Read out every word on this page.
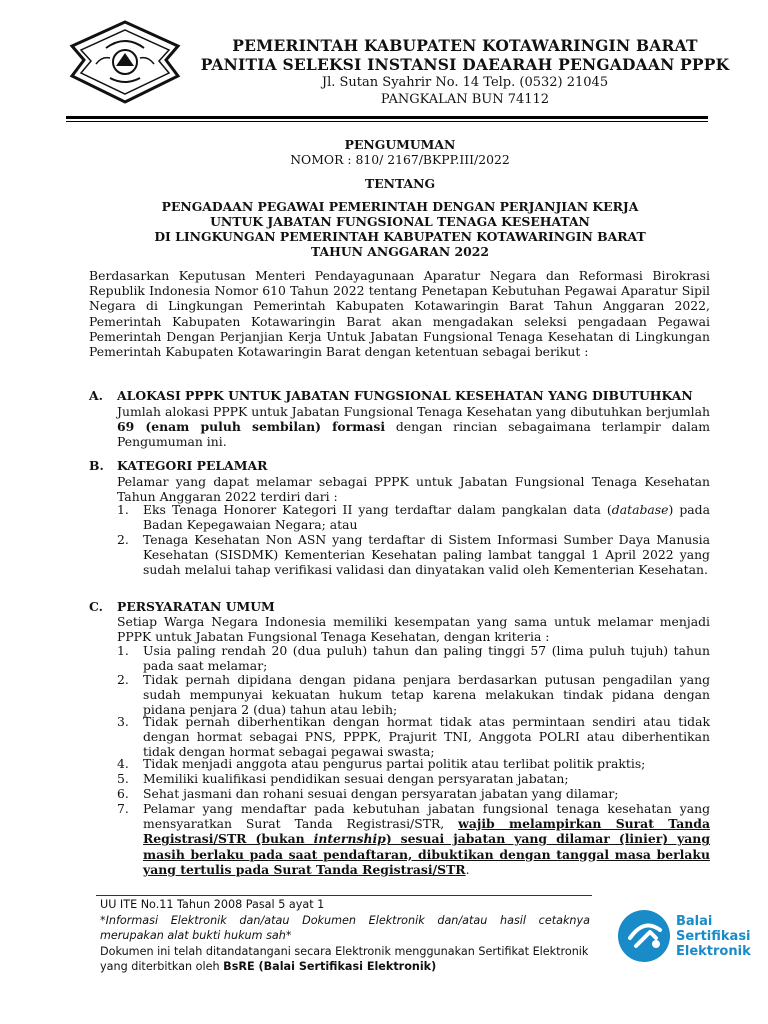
PEMERINTAH KABUPATEN KOTAWARINGIN BARAT
PANITIA SELEKSI INSTANSI DAEARAH PENGADAAN PPPK
Jl. Sutan Syahrir No. 14 Telp. (0532) 21045
PANGKALAN BUN 74112
PENGUMUMAN
NOMOR : 810/ 2167/BKPP.III/2022
TENTANG
PENGADAAN PEGAWAI PEMERINTAH DENGAN PERJANJIAN KERJA
UNTUK JABATAN FUNGSIONAL TENAGA KESEHATAN
DI LINGKUNGAN PEMERINTAH KABUPATEN KOTAWARINGIN BARAT
TAHUN ANGGARAN 2022
Berdasarkan Keputusan Menteri Pendayagunaan Aparatur Negara dan Reformasi Birokrasi Republik Indonesia Nomor 610 Tahun 2022 tentang Penetapan Kebutuhan Pegawai Aparatur Sipil Negara di Lingkungan Pemerintah Kabupaten Kotawaringin Barat Tahun Anggaran 2022, Pemerintah Kabupaten Kotawaringin Barat akan mengadakan seleksi pengadaan Pegawai Pemerintah Dengan Perjanjian Kerja Untuk Jabatan Fungsional Tenaga Kesehatan di Lingkungan Pemerintah Kabupaten Kotawaringin Barat dengan ketentuan sebagai berikut :
A. ALOKASI PPPK UNTUK JABATAN FUNGSIONAL KESEHATAN YANG DIBUTUHKAN
Jumlah alokasi PPPK untuk Jabatan Fungsional Tenaga Kesehatan yang dibutuhkan berjumlah 69 (enam puluh sembilan) formasi dengan rincian sebagaimana terlampir dalam Pengumuman ini.
B. KATEGORI PELAMAR
Pelamar yang dapat melamar sebagai PPPK untuk Jabatan Fungsional Tenaga Kesehatan Tahun Anggaran 2022 terdiri dari :
1.	Eks Tenaga Honorer Kategori II yang terdaftar dalam pangkalan data (database) pada Badan Kepegawaian Negara; atau
2.	Tenaga Kesehatan Non ASN yang terdaftar di Sistem Informasi Sumber Daya Manusia Kesehatan (SISDMK) Kementerian Kesehatan paling lambat tanggal 1 April 2022 yang sudah melalui tahap verifikasi validasi dan dinyatakan valid oleh Kementerian Kesehatan.
C. PERSYARATAN UMUM
Setiap Warga Negara Indonesia memiliki kesempatan yang sama untuk melamar menjadi PPPK untuk Jabatan Fungsional Tenaga Kesehatan, dengan kriteria :
1.	Usia paling rendah 20 (dua puluh) tahun dan paling tinggi 57 (lima puluh tujuh) tahun pada saat melamar;
2.	Tidak pernah dipidana dengan pidana penjara berdasarkan putusan pengadilan yang sudah mempunyai kekuatan hukum tetap karena melakukan tindak pidana dengan pidana penjara 2 (dua) tahun atau lebih;
3.	Tidak pernah diberhentikan dengan hormat tidak atas permintaan sendiri atau tidak dengan hormat sebagai PNS, PPPK, Prajurit TNI, Anggota POLRI atau diberhentikan tidak dengan hormat sebagai pegawai swasta;
4.	Tidak menjadi anggota atau pengurus partai politik atau terlibat politik praktis;
5.	Memiliki kualifikasi pendidikan sesuai dengan persyaratan jabatan;
6.	Sehat jasmani dan rohani sesuai dengan persyaratan jabatan yang dilamar;
7.	Pelamar yang mendaftar pada kebutuhan jabatan fungsional tenaga kesehatan yang mensyaratkan Surat Tanda Registrasi/STR, wajib melampirkan Surat Tanda Registrasi/STR (bukan internship) sesuai jabatan yang dilamar (linier) yang masih berlaku pada saat pendaftaran, dibuktikan dengan tanggal masa berlaku yang tertulis pada Surat Tanda Registrasi/STR.
UU ITE No.11 Tahun 2008 Pasal 5 ayat 1
*Informasi Elektronik dan/atau Dokumen Elektronik dan/atau hasil cetaknya
merupakan alat bukti hukum sah*
Dokumen ini telah ditandatangani secara Elektronik menggunakan Sertifikat Elektronik
yang diterbitkan oleh BsRE (Balai Sertifikasi Elektronik)
Balai
Sertifikasi
Elektronik
